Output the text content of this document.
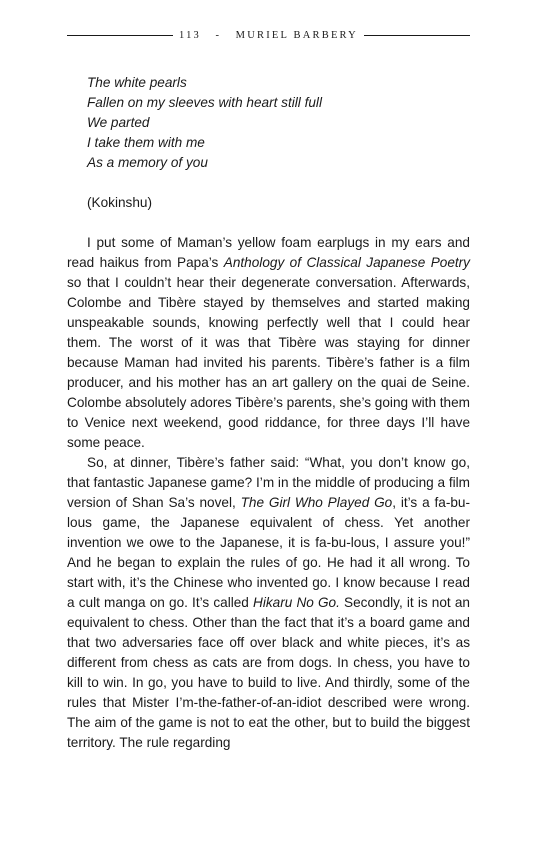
113 - MURIEL BARBERY
The white pearls
Fallen on my sleeves with heart still full
We parted
I take them with me
As a memory of you
(Kokinshu)

I put some of Maman’s yellow foam earplugs in my ears and read haikus from Papa’s Anthology of Classical Japanese Poetry so that I couldn’t hear their degenerate conversation. Afterwards, Colombe and Tibère stayed by themselves and started making unspeakable sounds, knowing perfectly well that I could hear them. The worst of it was that Tibère was staying for dinner because Maman had invited his parents. Tibère’s father is a film producer, and his mother has an art gallery on the quai de Seine. Colombe absolutely adores Tibère’s parents, she’s going with them to Venice next weekend, good riddance, for three days I’ll have some peace.

So, at dinner, Tibère’s father said: “What, you don’t know go, that fantastic Japanese game? I’m in the middle of producing a film version of Shan Sa’s novel, The Girl Who Played Go, it’s a fa-bu-lous game, the Japanese equivalent of chess. Yet another invention we owe to the Japanese, it is fa-bu-lous, I assure you!” And he began to explain the rules of go. He had it all wrong. To start with, it’s the Chinese who invented go. I know because I read a cult manga on go. It’s called Hikaru No Go. Secondly, it is not an equivalent to chess. Other than the fact that it’s a board game and that two adversaries face off over black and white pieces, it’s as different from chess as cats are from dogs. In chess, you have to kill to win. In go, you have to build to live. And thirdly, some of the rules that Mister I’m-the-father-of-an-idiot described were wrong. The aim of the game is not to eat the other, but to build the biggest territory. The rule regarding
